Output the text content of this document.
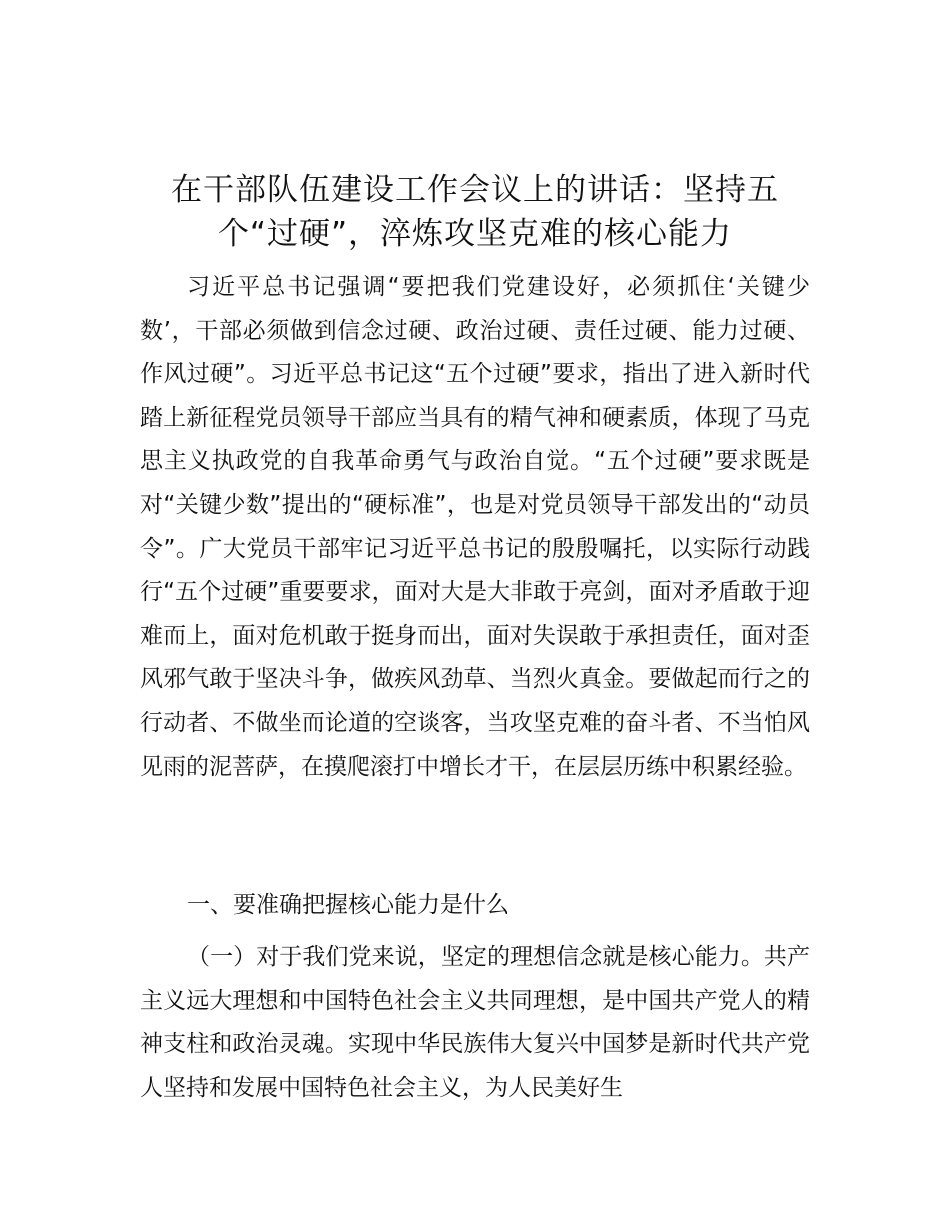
在干部队伍建设工作会议上的讲话：坚持五个“过硬”，淬炼攻坚克难的核心能力

习近平总书记强调“要把我们党建设好，必须抓住‘关键少数’，干部必须做到信念过硬、政治过硬、责任过硬、能力过硬、作风过硬”。习近平总书记这“五个过硬”要求，指出了进入新时代踏上新征程党员领导干部应当具有的精气神和硬素质，体现了马克思主义执政党的自我革命勇气与政治自觉。“五个过硬”要求既是对“关键少数”提出的“硬标准”，也是对党员领导干部发出的“动员令”。广大党员干部牢记习近平总书记的殷殷嘱托，以实际行动践行“五个过硬”重要要求，面对大是大非敢于亮剑，面对矛盾敢于迎难而上，面对危机敢于挺身而出，面对失误敢于承担责任，面对歪风邪气敢于坚决斗争，做疾风劲草、当烈火真金。要做起而行之的行动者、不做坐而论道的空谈客，当攻坚克难的奋斗者、不当怕风见雨的泥菩萨，在摸爬滚打中增长才干，在层层历练中积累经验。

一、要准确把握核心能力是什么

（一）对于我们党来说，坚定的理想信念就是核心能力。共产主义远大理想和中国特色社会主义共同理想，是中国共产党人的精神支柱和政治灵魂。实现中华民族伟大复兴中国梦是新时代共产党人坚持和发展中国特色社会主义，为人民美好生
